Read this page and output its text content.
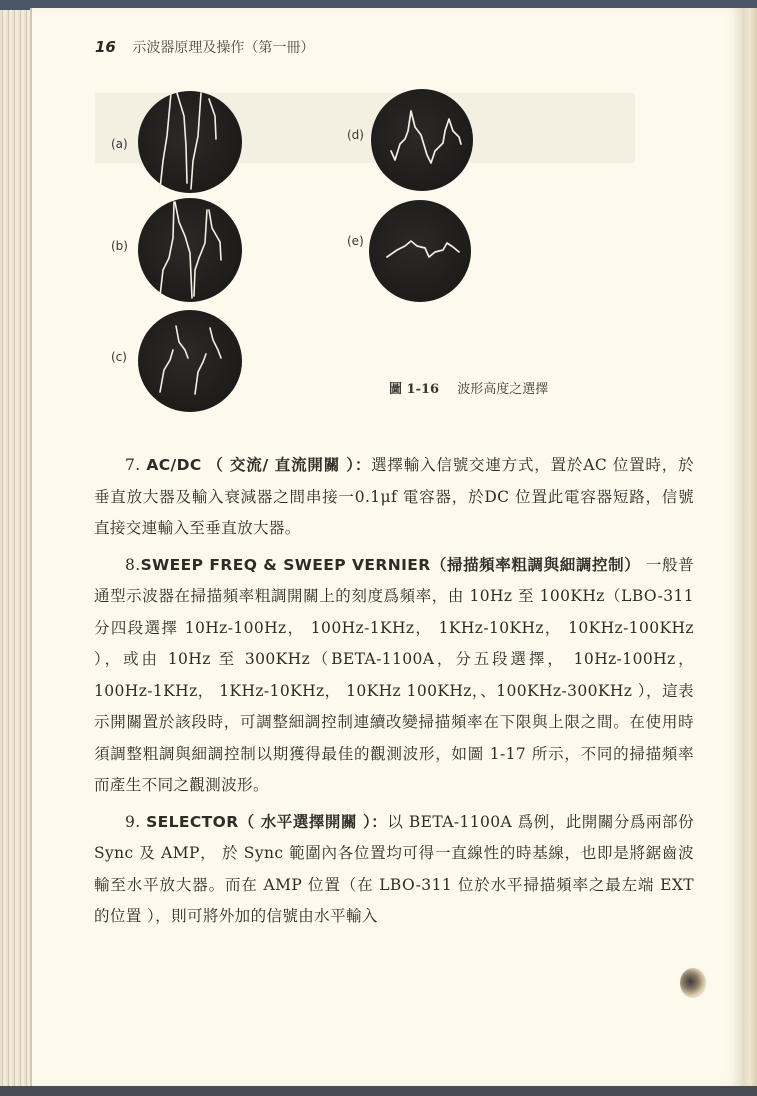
16 示波器原理及操作（第一冊）
(a)
(b)
(c)
(d)
(e)
圖 1-16 波形高度之選擇

7. AC/DC （ 交流/ 直流開關 ）：選擇輸入信號交連方式，置於AC 位置時，於垂直放大器及輸入衰減器之間串接一0.1μf 電容器，於DC 位置此電容器短路，信號直接交連輸入至垂直放大器。

8.SWEEP FREQ & SWEEP VERNIER（掃描頻率粗調與細調控制） 一般普通型示波器在掃描頻率粗調開關上的刻度爲頻率，由 10Hz 至 100KHz（LBO-311 分四段選擇 10Hz-100Hz， 100Hz-1KHz， 1KHz-10KHz， 10KHz-100KHz ），或由 10Hz 至 300KHz（BETA-1100A，分五段選擇， 10Hz-100Hz， 100Hz-1KHz， 1KHz-10KHz， 10KHz 100KHz，、100KHz-300KHz ），這表示開關置於該段時，可調整細調控制連續改變掃描頻率在下限與上限之間。在使用時須調整粗調與細調控制以期獲得最佳的觀測波形，如圖 1-17 所示，不同的掃描頻率而產生不同之觀測波形。

9. SELECTOR（ 水平選擇開關 ）：以 BETA-1100A 爲例，此開關分爲兩部份 Sync 及 AMP， 於 Sync 範圍內各位置均可得一直線性的時基線，也即是將鋸齒波輸至水平放大器。而在 AMP 位置（在 LBO-311 位於水平掃描頻率之最左端 EXT 的位置 ），則可將外加的信號由水平輸入
